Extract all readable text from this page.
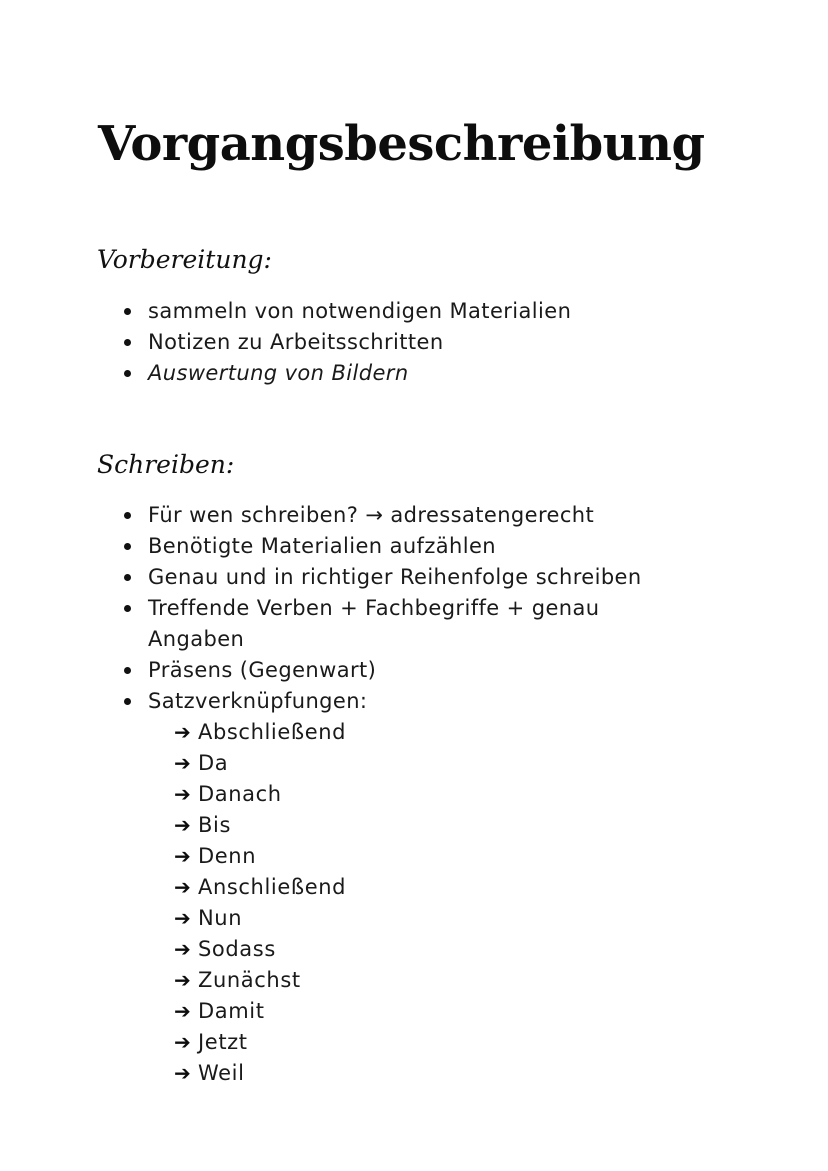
Vorgangsbeschreibung
Vorbereitung:
sammeln von notwendigen Materialien
Notizen zu Arbeitsschritten
Auswertung von Bildern
Schreiben:
Für wen schreiben? → adressatengerecht
Benötigte Materialien aufzählen
Genau und in richtiger Reihenfolge schreiben
Treffende Verben + Fachbegriffe + genau Angaben
Präsens (Gegenwart)
Satzverknüpfungen:
➔ Abschließend
➔ Da
➔ Danach
➔ Bis
➔ Denn
➔ Anschließend
➔ Nun
➔ Sodass
➔ Zunächst
➔ Damit
➔ Jetzt
➔ Weil
